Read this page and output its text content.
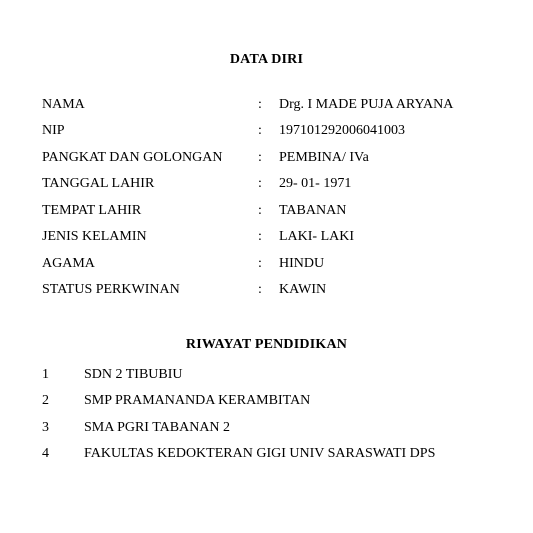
DATA DIRI
NAMA	: Drg. I MADE PUJA ARYANA
NIP	: 197101292006041003
PANGKAT DAN GOLONGAN	: PEMBINA/ IVa
TANGGAL LAHIR	: 29- 01- 1971
TEMPAT LAHIR	: TABANAN
JENIS KELAMIN	: LAKI- LAKI
AGAMA	: HINDU
STATUS PERKWINAN	: KAWIN
RIWAYAT PENDIDIKAN
1	SDN 2 TIBUBIU
2	SMP PRAMANANDA KERAMBITAN
3	SMA PGRI TABANAN 2
4	FAKULTAS KEDOKTERAN GIGI UNIV SARASWATI DPS
